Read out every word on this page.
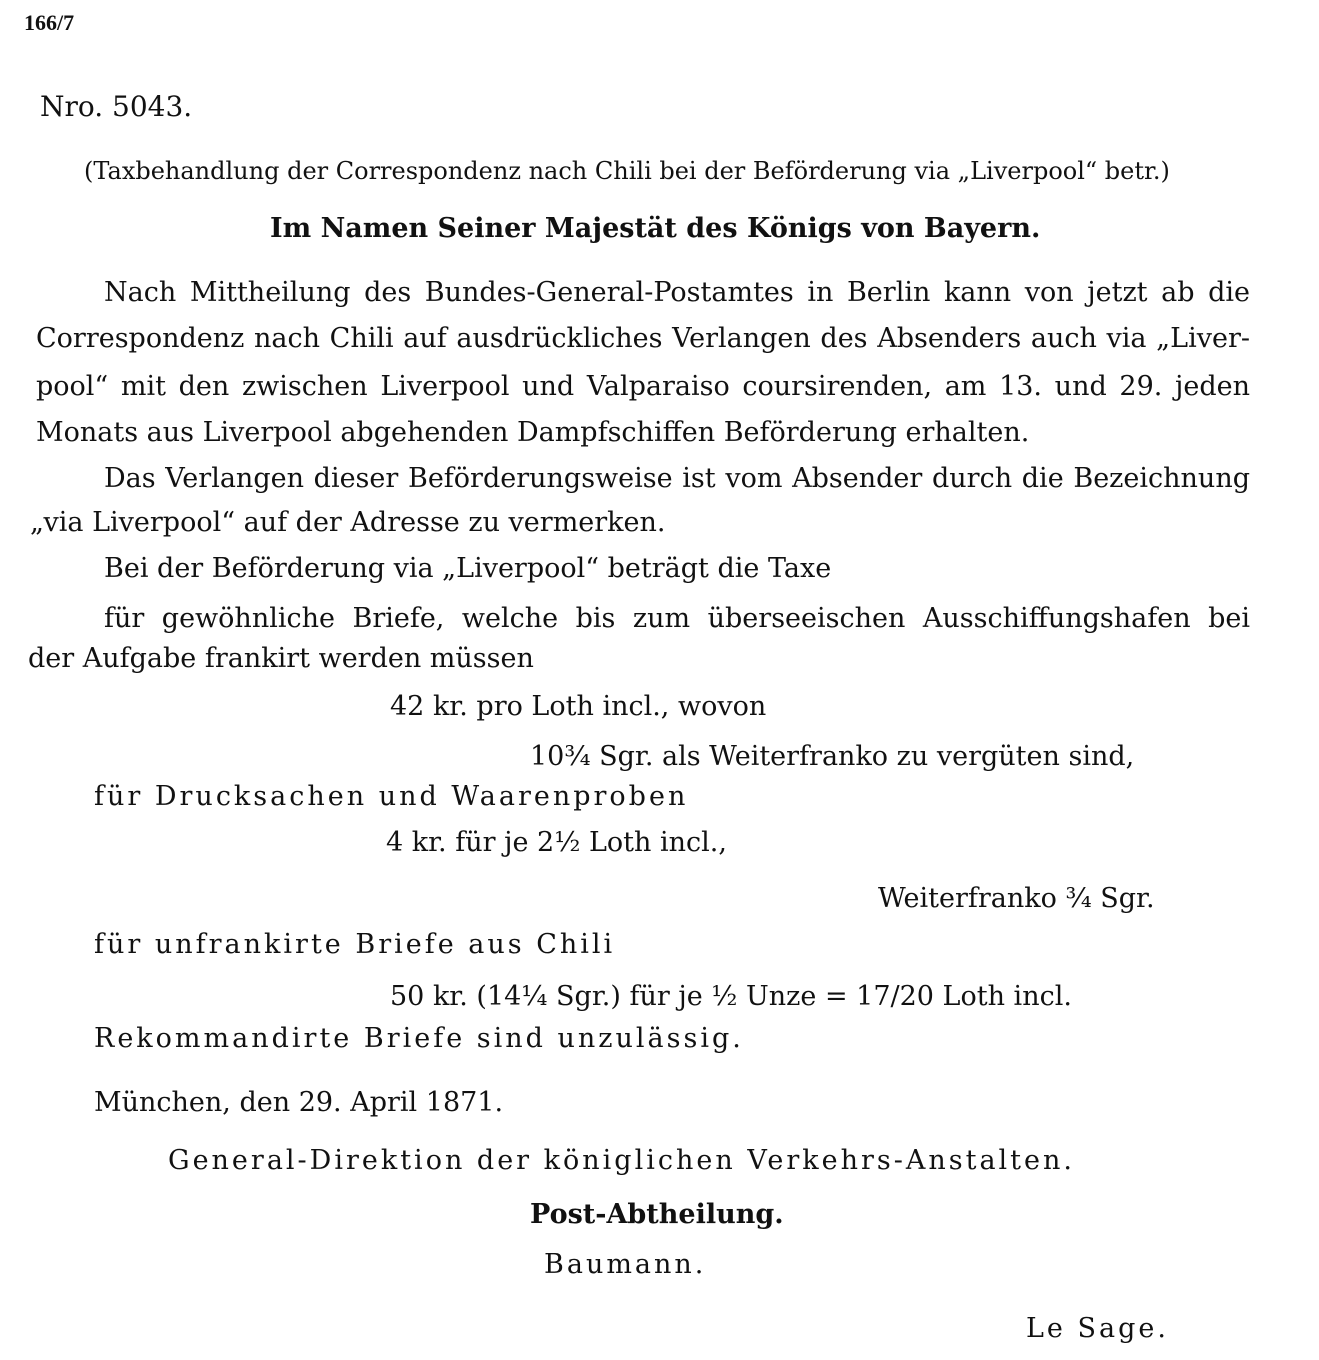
166/7
Nro. 5043.
(Taxbehandlung der Correspondenz nach Chili bei der Beförderung via „Liverpool“ betr.)
Im Namen Seiner Majestät des Königs von Bayern.
Nach Mittheilung des Bundes-General-Postamtes in Berlin kann von jetzt ab die
Correspondenz nach Chili auf ausdrückliches Verlangen des Absenders auch via „Liver-
pool“ mit den zwischen Liverpool und Valparaiso coursirenden, am 13. und 29. jeden
Monats aus Liverpool abgehenden Dampfschiffen Beförderung erhalten.
Das Verlangen dieser Beförderungsweise ist vom Absender durch die Bezeichnung
„via Liverpool“ auf der Adresse zu vermerken.
Bei der Beförderung via „Liverpool“ beträgt die Taxe
für gewöhnliche Briefe, welche bis zum überseeischen Ausschiffungshafen bei
der Aufgabe frankirt werden müssen
42 kr. pro Loth incl., wovon
10¾ Sgr. als Weiterfranko zu vergüten sind,
für Drucksachen und Waarenproben
4 kr. für je 2½ Loth incl.,
Weiterfranko ¾ Sgr.
für unfrankirte Briefe aus Chili
50 kr. (14¼ Sgr.) für je ½ Unze = 17/20 Loth incl.
Rekommandirte Briefe sind unzulässig.
München, den 29. April 1871.
General-Direktion der königlichen Verkehrs-Anstalten.
Post-Abtheilung.
Baumann.
Le Sage.
